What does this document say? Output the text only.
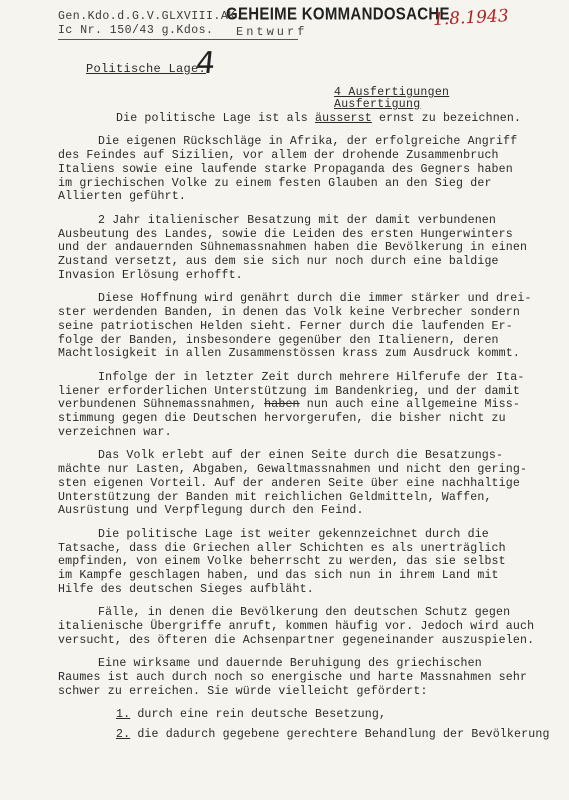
Gen.Kdo.d.G.V.GLXVIII.AK.
Ic Nr. 150/43 g.Kdos.
GEHEIME KOMMANDOSACHE
Entwurf
1.8.1943
Politische Lage.
4
4 Ausfertigungen
Ausfertigung
Die politische Lage ist als äusserst ernst zu bezeichnen.
Die eigenen Rückschläge in Afrika, der erfolgreiche Angriff
des Feindes auf Sizilien, vor allem der drohende Zusammenbruch
Italiens sowie eine laufende starke Propaganda des Gegners haben
im griechischen Volke zu einem festen Glauben an den Sieg der
Allierten geführt.
2 Jahr italienischer Besatzung mit der damit verbundenen
Ausbeutung des Landes, sowie die Leiden des ersten Hungerwinters
und der andauernden Sühnemassnahmen haben die Bevölkerung in einen
Zustand versetzt, aus dem sie sich nur noch durch eine baldige
Invasion Erlösung erhofft.
Diese Hoffnung wird genährt durch die immer stärker und drei-
ster werdenden Banden, in denen das Volk keine Verbrecher sondern
seine patriotischen Helden sieht. Ferner durch die laufenden Er-
folge der Banden, insbesondere gegenüber den Italienern, deren
Machtlosigkeit in allen Zusammenstössen krass zum Ausdruck kommt.
Infolge der in letzter Zeit durch mehrere Hilferufe der Ita-
liener erforderlichen Unterstützung im Bandenkrieg, und der damit
verbundenen Sühnemassnahmen, haben nun auch eine allgemeine Miss-
stimmung gegen die Deutschen hervorgerufen, die bisher nicht zu
verzeichnen war.
Das Volk erlebt auf der einen Seite durch die Besatzungs-
mächte nur Lasten, Abgaben, Gewaltmassnahmen und nicht den gering-
sten eigenen Vorteil. Auf der anderen Seite über eine nachhaltige
Unterstützung der Banden mit reichlichen Geldmitteln, Waffen,
Ausrüstung und Verpflegung durch den Feind.
Die politische Lage ist weiter gekennzeichnet durch die
Tatsache, dass die Griechen aller Schichten es als unerträglich
empfinden, von einem Volke beherrscht zu werden, das sie selbst
im Kampfe geschlagen haben, und das sich nun in ihrem Land mit
Hilfe des deutschen Sieges aufbläht.
Fälle, in denen die Bevölkerung den deutschen Schutz gegen
italienische Übergriffe anruft, kommen häufig vor. Jedoch wird auch
versucht, des öfteren die Achsenpartner gegeneinander auszuspielen.
Eine wirksame und dauernde Beruhigung des griechischen
Raumes ist auch durch noch so energische und harte Massnahmen sehr
schwer zu erreichen. Sie würde vielleicht gefördert:
1. durch eine rein deutsche Besetzung,
2. die dadurch gegebene gerechtere Behandlung der Bevölkerung
